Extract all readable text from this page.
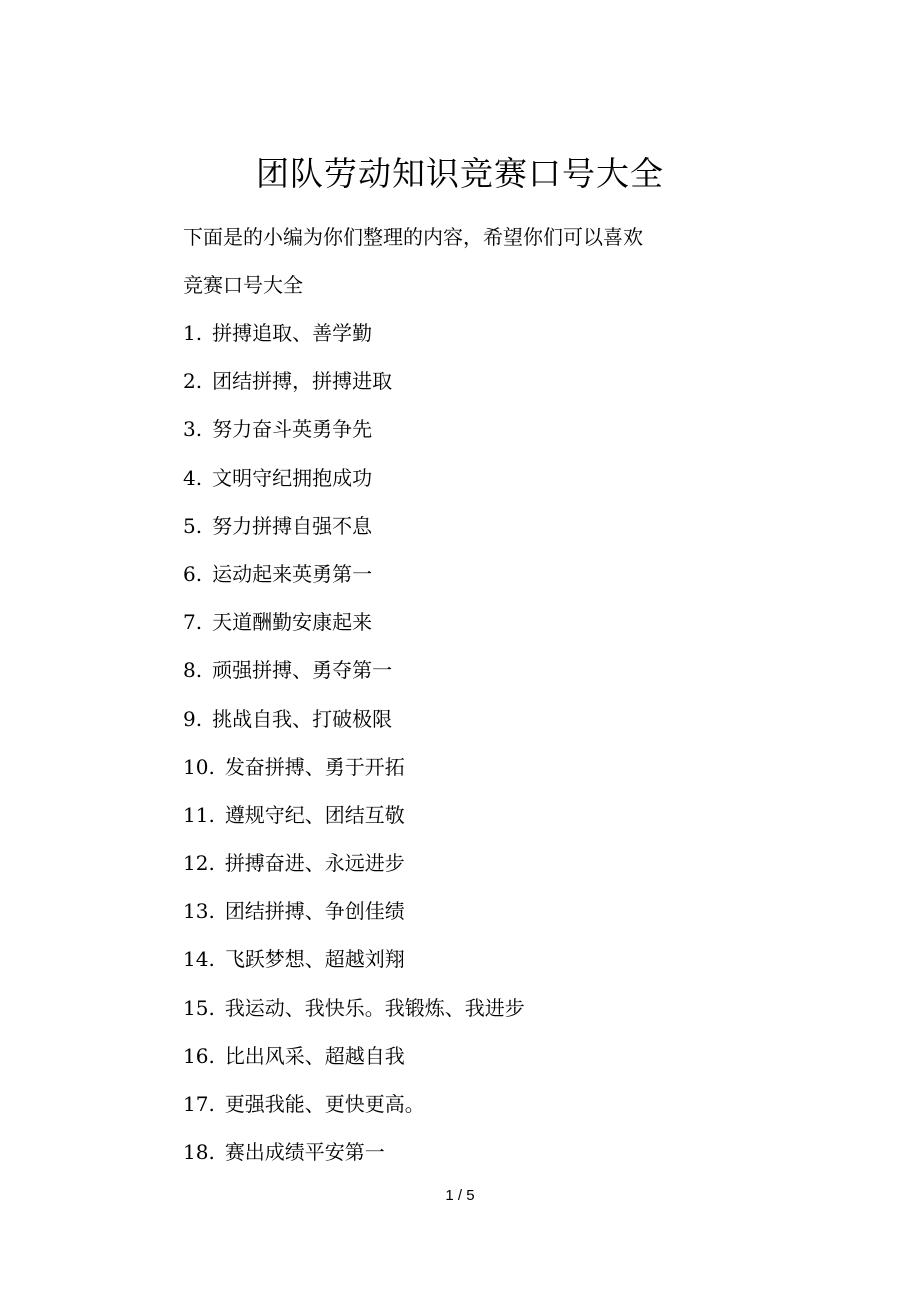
团队劳动知识竞赛口号大全
下面是的小编为你们整理的内容，希望你们可以喜欢
竞赛口号大全
1. 拼搏追取、善学勤
2. 团结拼搏，拼搏进取
3. 努力奋斗英勇争先
4. 文明守纪拥抱成功
5. 努力拼搏自强不息
6. 运动起来英勇第一
7. 天道酬勤安康起来
8. 顽强拼搏、勇夺第一
9. 挑战自我、打破极限
10. 发奋拼搏、勇于开拓
11. 遵规守纪、团结互敬
12. 拼搏奋进、永远进步
13. 团结拼搏、争创佳绩
14. 飞跃梦想、超越刘翔
15. 我运动、我快乐。我锻炼、我进步
16. 比出风采、超越自我
17. 更强我能、更快更高。
18. 赛出成绩平安第一
1 / 5
